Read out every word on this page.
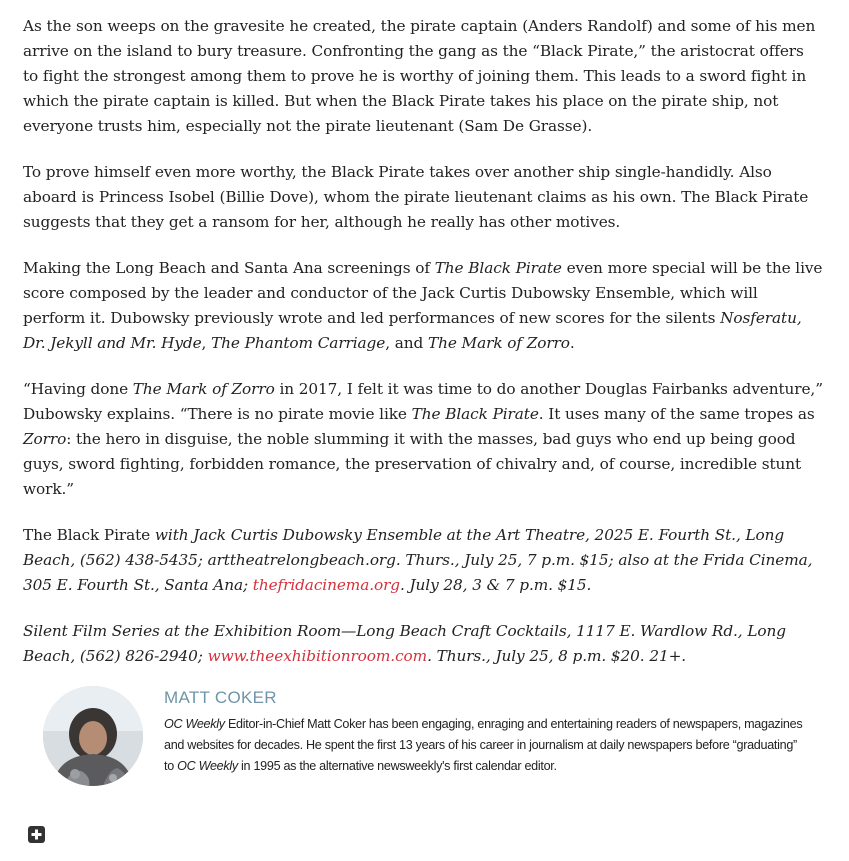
As the son weeps on the gravesite he created, the pirate captain (Anders Randolf) and some of his men arrive on the island to bury treasure. Confronting the gang as the “Black Pirate,” the aristocrat offers to fight the strongest among them to prove he is worthy of joining them. This leads to a sword fight in which the pirate captain is killed. But when the Black Pirate takes his place on the pirate ship, not everyone trusts him, especially not the pirate lieutenant (Sam De Grasse).

To prove himself even more worthy, the Black Pirate takes over another ship single-handidly. Also aboard is Princess Isobel (Billie Dove), whom the pirate lieutenant claims as his own. The Black Pirate suggests that they get a ransom for her, although he really has other motives.

Making the Long Beach and Santa Ana screenings of The Black Pirate even more special will be the live score composed by the leader and conductor of the Jack Curtis Dubowsky Ensemble, which will perform it. Dubowsky previously wrote and led performances of new scores for the silents Nosferatu, Dr. Jekyll and Mr. Hyde, The Phantom Carriage, and The Mark of Zorro.

“Having done The Mark of Zorro in 2017, I felt it was time to do another Douglas Fairbanks adventure,” Dubowsky explains. “There is no pirate movie like The Black Pirate. It uses many of the same tropes as Zorro: the hero in disguise, the noble slumming it with the masses, bad guys who end up being good guys, sword fighting, forbidden romance, the preservation of chivalry and, of course, incredible stunt work.”

The Black Pirate with Jack Curtis Dubowsky Ensemble at the Art Theatre, 2025 E. Fourth St., Long Beach, (562) 438-5435; arttheatrelongbeach.org. Thurs., July 25, 7 p.m. $15; also at the Frida Cinema, 305 E. Fourth St., Santa Ana; thefridacinema.org. July 28, 3 & 7 p.m. $15.

Silent Film Series at the Exhibition Room—Long Beach Craft Cocktails, 1117 E. Wardlow Rd., Long Beach, (562) 826-2940; www.theexhibitionroom.com. Thurs., July 25, 8 p.m. $20. 21+.

MATT COKER

OC Weekly Editor-in-Chief Matt Coker has been engaging, enraging and entertaining readers of newspapers, magazines and websites for decades. He spent the first 13 years of his career in journalism at daily newspapers before “graduating” to OC Weekly in 1995 as the alternative newsweekly's first calendar editor.
